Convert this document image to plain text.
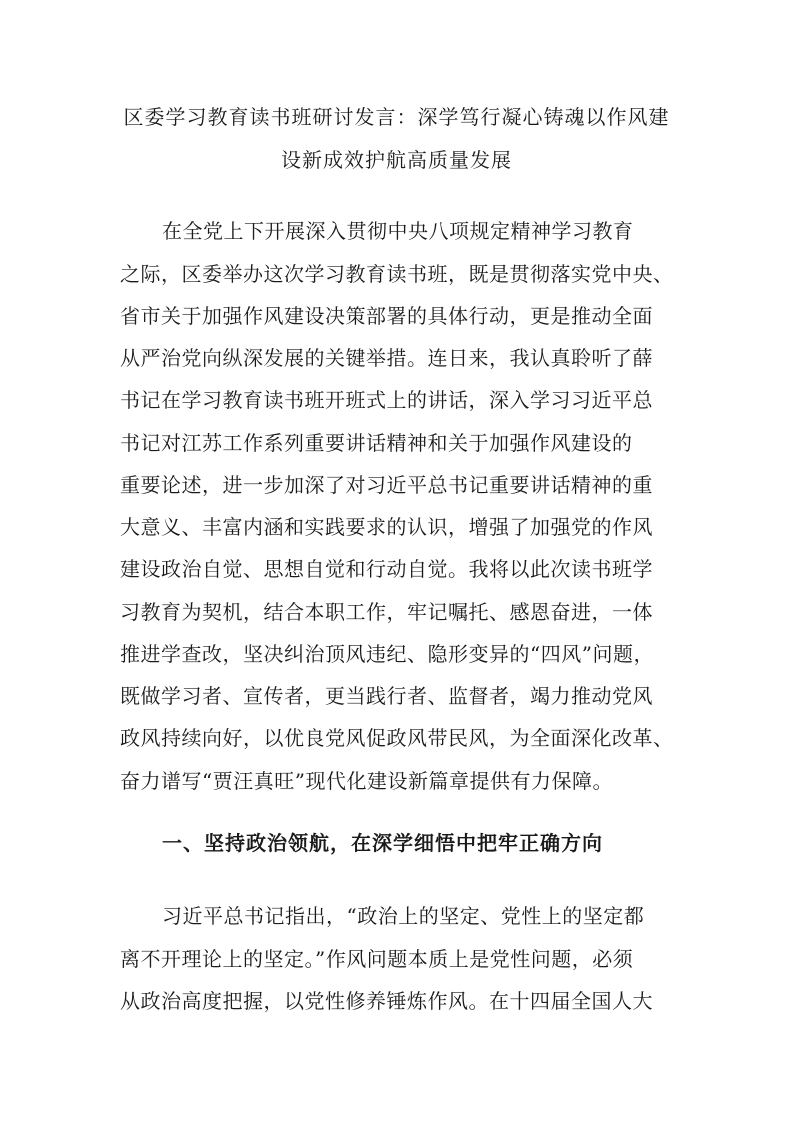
区委学习教育读书班研讨发言：深学笃行凝心铸魂以作风建
设新成效护航高质量发展
在全党上下开展深入贯彻中央八项规定精神学习教育
之际，区委举办这次学习教育读书班，既是贯彻落实党中央、
省市关于加强作风建设决策部署的具体行动，更是推动全面
从严治党向纵深发展的关键举措。连日来，我认真聆听了薛
书记在学习教育读书班开班式上的讲话，深入学习习近平总
书记对江苏工作系列重要讲话精神和关于加强作风建设的
重要论述，进一步加深了对习近平总书记重要讲话精神的重
大意义、丰富内涵和实践要求的认识，增强了加强党的作风
建设政治自觉、思想自觉和行动自觉。我将以此次读书班学
习教育为契机，结合本职工作，牢记嘱托、感恩奋进，一体
推进学查改，坚决纠治顶风违纪、隐形变异的“四风”问题，
既做学习者、宣传者，更当践行者、监督者，竭力推动党风
政风持续向好，以优良党风促政风带民风，为全面深化改革、
奋力谱写“贾汪真旺”现代化建设新篇章提供有力保障。
一、坚持政治领航，在深学细悟中把牢正确方向
习近平总书记指出，“政治上的坚定、党性上的坚定都
离不开理论上的坚定。”作风问题本质上是党性问题，必须
从政治高度把握，以党性修养锤炼作风。在十四届全国人大
